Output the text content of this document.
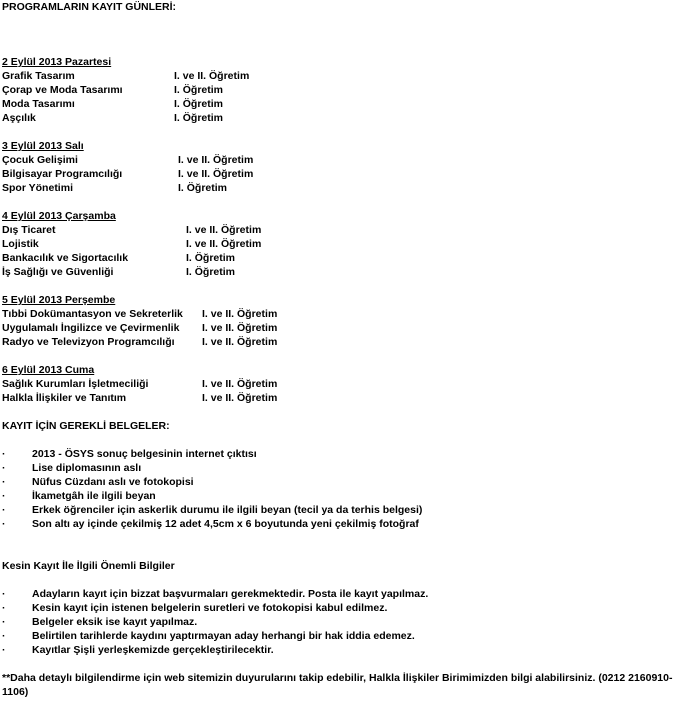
PROGRAMLARIN KAYIT GÜNLERİ:
2 Eylül 2013 Pazartesi
Grafik Tasarım	I. ve II. Öğretim
Çorap ve Moda Tasarımı	I. Öğretim
Moda Tasarımı	I. Öğretim
Aşçılık	I. Öğretim
3 Eylül 2013 Salı
Çocuk Gelişimi	I. ve II. Öğretim
Bilgisayar Programcılığı	I. ve II. Öğretim
Spor Yönetimi	I. Öğretim
4 Eylül 2013 Çarşamba
Dış Ticaret	I. ve II. Öğretim
Lojistik	I. ve II. Öğretim
Bankacılık ve Sigortacılık	I. Öğretim
İş Sağlığı ve Güvenliği	I. Öğretim
5 Eylül 2013 Perşembe
Tıbbi Dokümantasyon ve Sekreterlik I. ve II. Öğretim
Uygulamalı İngilizce ve Çevirmenlik I. ve II. Öğretim
Radyo ve Televizyon Programcılığı	I. ve II. Öğretim
6 Eylül 2013 Cuma
Sağlık Kurumları İşletmeciliği	I. ve II. Öğretim
Halkla İlişkiler ve Tanıtım	I. ve II. Öğretim
KAYIT İÇİN GEREKLİ BELGELER:
·	2013 - ÖSYS sonuç belgesinin internet çıktısı
·	Lise diplomasının aslı
·	Nüfus Cüzdanı aslı ve fotokopisi
·	İkametgâh ile ilgili beyan
·	Erkek öğrenciler için askerlik durumu ile ilgili beyan (tecil ya da terhis belgesi)
·	Son altı ay içinde çekilmiş 12 adet 4,5cm x 6 boyutunda yeni çekilmiş fotoğraf
Kesin Kayıt İle İlgili Önemli Bilgiler
·	Adayların kayıt için bizzat başvurmaları gerekmektedir. Posta ile kayıt yapılmaz.
·	Kesin kayıt için istenen belgelerin suretleri ve fotokopisi kabul edilmez.
·	Belgeler eksik ise kayıt yapılmaz.
·	Belirtilen tarihlerde kaydını yaptırmayan aday herhangi bir hak iddia edemez.
·	Kayıtlar Şişli yerleşkemizde gerçekleştirilecektir.
**Daha detaylı bilgilendirme için web sitemizin duyurularını takip edebilir, Halkla İlişkiler Birimimizden bilgi alabilirsiniz. (0212 2160910-1106)
